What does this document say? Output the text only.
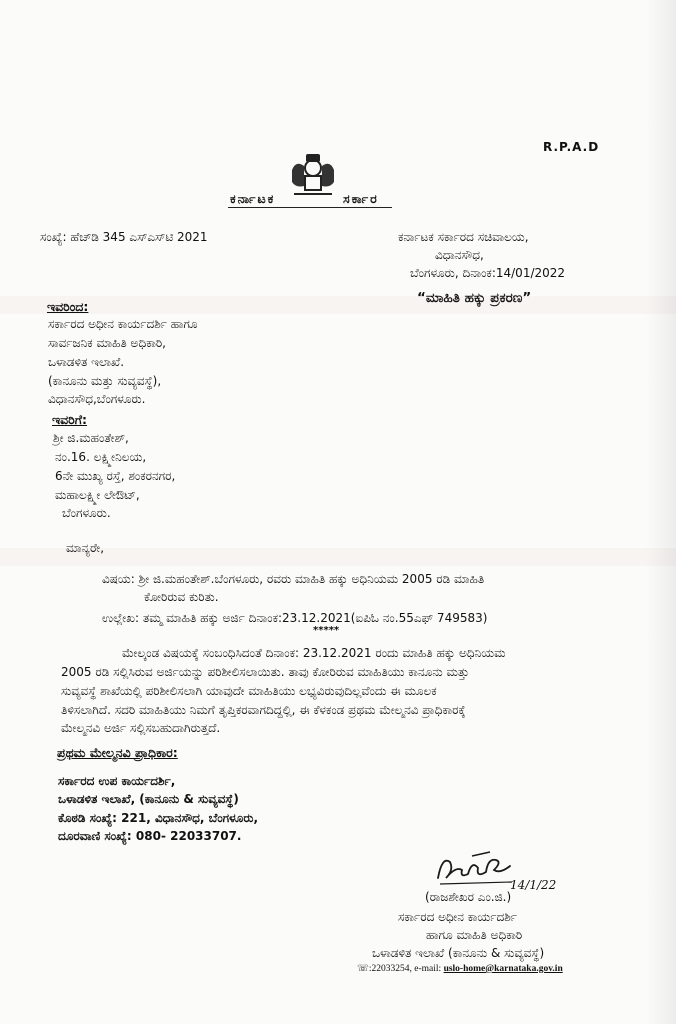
R.P.A.D
ಕರ್ನಾಟಕ	ಸರ್ಕಾರ
ಸಂಖ್ಯೆ: ಹೆಚ್‌ಡಿ 345 ಎಸ್‌ಎಸ್‌ಟಿ 2021	ಕರ್ನಾಟಕ ಸರ್ಕಾರದ ಸಚಿವಾಲಯ,
ವಿಧಾನಸೌಧ,
ಬೆಂಗಳೂರು, ದಿನಾಂಕ:14/01/2022
“ಮಾಹಿತಿ ಹಕ್ಕು ಪ್ರಕರಣ”
ಇವರಿಂದ:
ಸರ್ಕಾರದ ಅಧೀನ ಕಾರ್ಯದರ್ಶಿ ಹಾಗೂ
ಸಾರ್ವಜನಿಕ ಮಾಹಿತಿ ಅಧಿಕಾರಿ,
ಒಳಾಡಳಿತ ಇಲಾಖೆ.
(ಕಾನೂನು ಮತ್ತು ಸುವ್ಯವಸ್ಥೆ),
ವಿಧಾನಸೌಧ,ಬೆಂಗಳೂರು.
ಇವರಿಗೆ:
ಶ್ರೀ ಜಿ.ಮಹಂತೇಶ್,
ನಂ.16. ಲಕ್ಷ್ಮೀನಿಲಯ,
6ನೇ ಮುಖ್ಯ ರಸ್ತೆ, ಶಂಕರನಗರ,
ಮಹಾಲಕ್ಷ್ಮೀ ಲೇಔಟ್,
ಬೆಂಗಳೂರು.
ಮಾನ್ಯರೇ,
ವಿಷಯ: ಶ್ರೀ ಜಿ.ಮಹಂತೇಶ್.ಬೆಂಗಳೂರು, ರವರು ಮಾಹಿತಿ ಹಕ್ಕು ಅಧಿನಿಯಮ 2005 ರಡಿ ಮಾಹಿತಿ
ಕೋರಿರುವ ಕುರಿತು.
ಉಲ್ಲೇಖ: ತಮ್ಮ ಮಾಹಿತಿ ಹಕ್ಕು ಅರ್ಜಿ ದಿನಾಂಕ:23.12.2021(ಐಪಿಓ ನಂ.55ಎಫ್ 749583)
*****
ಮೇಲ್ಕಂಡ ವಿಷಯಕ್ಕೆ ಸಂಬಂಧಿಸಿದಂತೆ ದಿನಾಂಕ: 23.12.2021 ರಂದು ಮಾಹಿತಿ ಹಕ್ಕು ಅಧಿನಿಯಮ
2005 ರಡಿ ಸಲ್ಲಿಸಿರುವ ಅರ್ಜಿಯನ್ನು ಪರಿಶೀಲಿಸಲಾಯಿತು. ತಾವು ಕೋರಿರುವ ಮಾಹಿತಿಯು ಕಾನೂನು ಮತ್ತು
ಸುವ್ಯವಸ್ಥೆ ಶಾಖೆಯಲ್ಲಿ ಪರಿಶೀಲಿಸಲಾಗಿ ಯಾವುದೇ ಮಾಹಿತಿಯು ಲಭ್ಯವಿರುವುದಿಲ್ಲವೆಂದು ಈ ಮೂಲಕ
ತಿಳಿಸಲಾಗಿದೆ. ಸದರಿ ಮಾಹಿತಿಯು ನಿಮಗೆ ತೃಪ್ತಿಕರವಾಗದಿದ್ದಲ್ಲಿ, ಈ ಕೆಳಕಂಡ ಪ್ರಥಮ ಮೇಲ್ಮನವಿ ಪ್ರಾಧಿಕಾರಕ್ಕೆ
ಮೇಲ್ಮನವಿ ಅರ್ಜಿ ಸಲ್ಲಿಸಬಹುದಾಗಿರುತ್ತದೆ.
ಪ್ರಥಮ ಮೇಲ್ಮನವಿ ಪ್ರಾಧಿಕಾರ:
ಸರ್ಕಾರದ ಉಪ ಕಾರ್ಯದರ್ಶಿ,
ಒಳಾಡಳಿತ ಇಲಾಖೆ, (ಕಾನೂನು & ಸುವ್ಯವಸ್ಥೆ)
ಕೊಠಡಿ ಸಂಖ್ಯೆ: 221, ವಿಧಾನಸೌಧ, ಬೆಂಗಳೂರು,
ದೂರವಾಣಿ ಸಂಖ್ಯೆ: 080- 22033707.
14/1/22
(ರಾಜಶೇಖರ ಎಂ.ಜಿ.)
ಸರ್ಕಾರದ ಅಧೀನ ಕಾರ್ಯದರ್ಶಿ
ಹಾಗೂ ಮಾಹಿತಿ ಅಧಿಕಾರಿ
ಒಳಾಡಳಿತ ಇಲಾಖೆ (ಕಾನೂನು & ಸುವ್ಯವಸ್ಥೆ)
☏:22033254, e-mail: uslo-home@karnataka.gov.in
